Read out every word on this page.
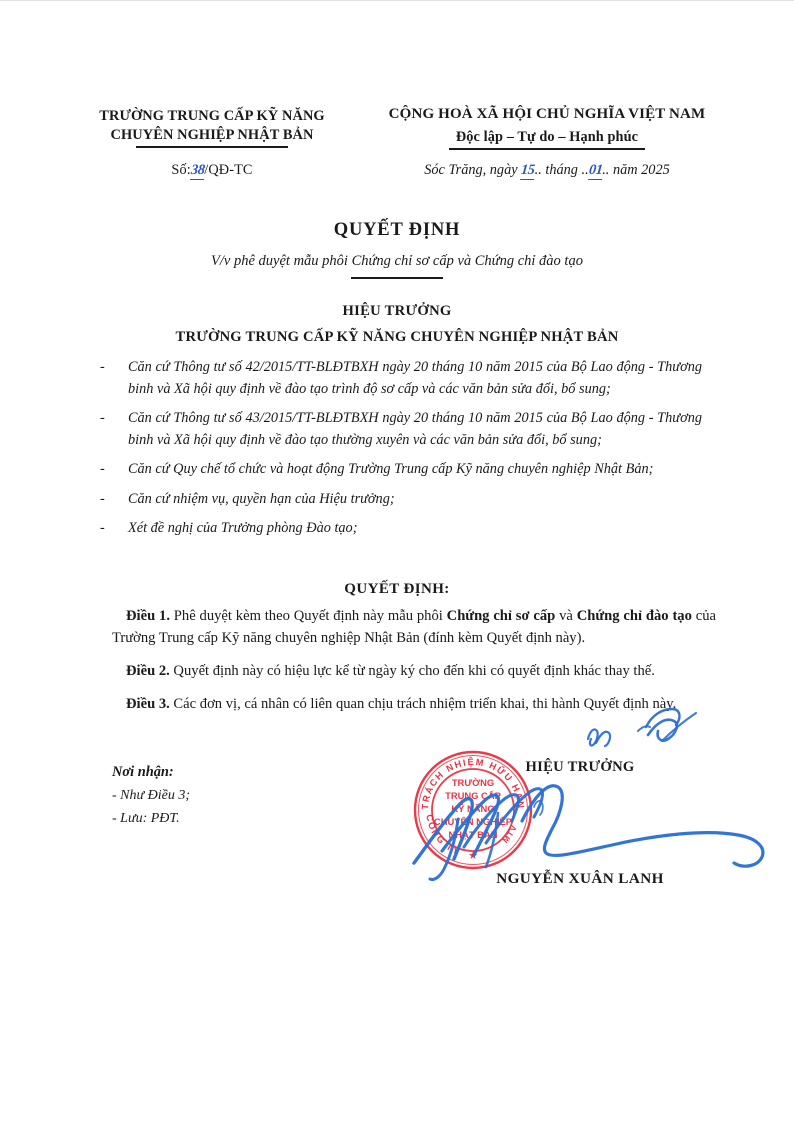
TRƯỜNG TRUNG CẤP KỸ NĂNG
CHUYÊN NGHIỆP NHẬT BẢN
Số:38/QĐ-TC
CỘNG HOÀ XÃ HỘI CHỦ NGHĨA VIỆT NAM
Độc lập – Tự do – Hạnh phúc
Sóc Trăng, ngày 15.. tháng ..01.. năm 2025
QUYẾT ĐỊNH
V/v phê duyệt mẫu phôi Chứng chỉ sơ cấp và Chứng chỉ đào tạo
HIỆU TRƯỞNG
TRƯỜNG TRUNG CẤP KỸ NĂNG CHUYÊN NGHIỆP NHẬT BẢN
-	Căn cứ Thông tư số 42/2015/TT-BLĐTBXH ngày 20 tháng 10 năm 2015 của Bộ Lao động - Thương binh và Xã hội quy định về đào tạo trình độ sơ cấp và các văn bản sửa đổi, bổ sung;
-	Căn cứ Thông tư số 43/2015/TT-BLĐTBXH ngày 20 tháng 10 năm 2015 của Bộ Lao động - Thương binh và Xã hội quy định về đào tạo thường xuyên và các văn bản sửa đổi, bổ sung;
-	Căn cứ Quy chế tổ chức và hoạt động Trường Trung cấp Kỹ năng chuyên nghiệp Nhật Bản;
-	Căn cứ nhiệm vụ, quyền hạn của Hiệu trưởng;
-	Xét đề nghị của Trưởng phòng Đào tạo;
QUYẾT ĐỊNH:
Điều 1. Phê duyệt kèm theo Quyết định này mẫu phôi Chứng chỉ sơ cấp và Chứng chỉ đào tạo của Trường Trung cấp Kỹ năng chuyên nghiệp Nhật Bản (đính kèm Quyết định này).
Điều 2. Quyết định này có hiệu lực kể từ ngày ký cho đến khi có quyết định khác thay thế.
Điều 3. Các đơn vị, cá nhân có liên quan chịu trách nhiệm triển khai, thi hành Quyết định này.
Nơi nhận:
- Như Điều 3;
- Lưu: PĐT.
HIỆU TRƯỞNG
NGUYỄN XUÂN LANH
TRÁCH NHIỆM HỮU HẠN
CÔNG TY
MTV
TRƯỜNG
TRUNG CẤP
KỸ NĂNG
CHUYÊN NGHIỆP
NHẬT BẢN
★
